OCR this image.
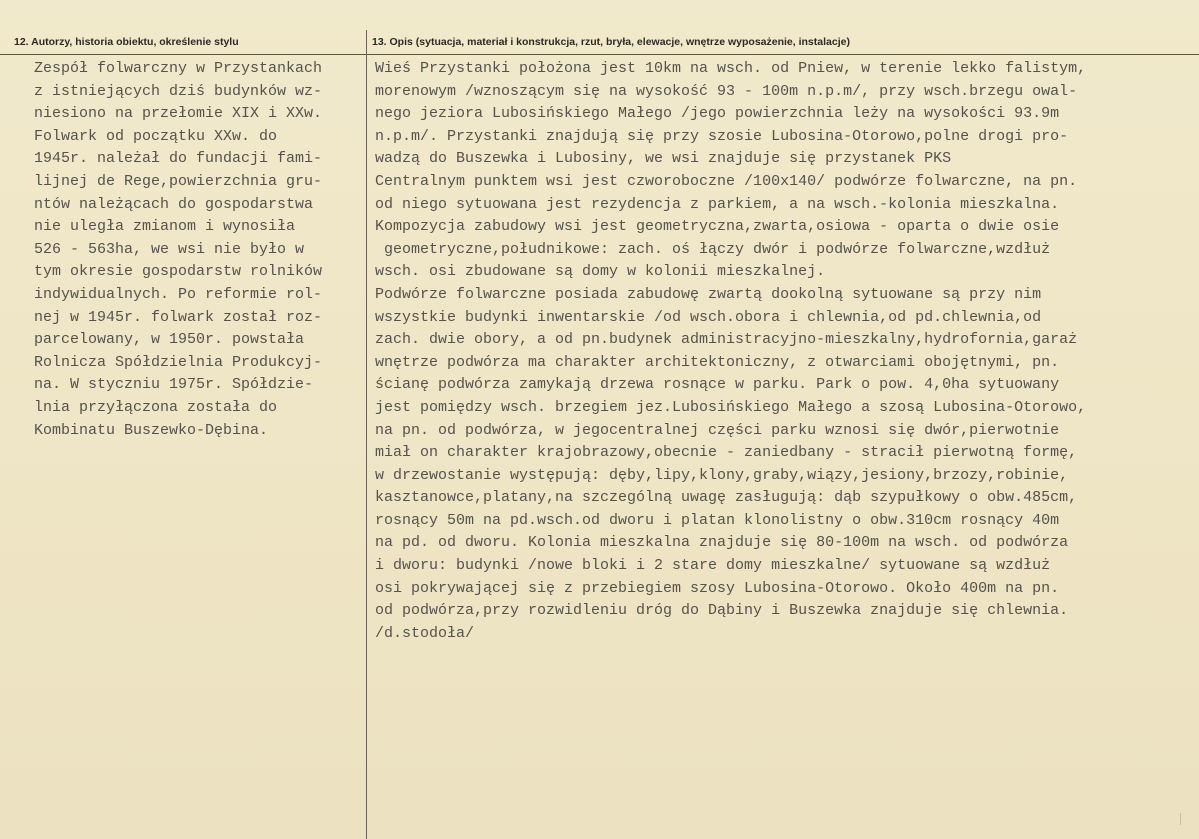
12. Autorzy, historia obiektu, określenie stylu	13. Opis (sytuacja, materiał i konstrukcja, rzut, bryła, elewacje, wnętrze wyposażenie, instalacje)
Zespół folwarczny w Przystankach
z istniejących dziś budynków wz-
niesiono na przełomie XIX i XXw.
Folwark od początku XXw. do
1945r. należał do fundacji fami-
lijnej de Rege,powierzchnia gru-
ntów należącach do gospodarstwa
nie uległa zmianom i wynosiła
526 - 563ha, we wsi nie było w
tym okresie gospodarstw rolników
indywidualnych. Po reformie rol-
nej w 1945r. folwark został roz-
parcelowany, w 1950r. powstała
Rolnicza Spółdzielnia Produkcyj-
na. W styczniu 1975r. Spółdzie-
lnia przyłączona została do
Kombinatu Buszewko-Dębina.
Wieś Przystanki położona jest 10km na wsch. od Pniew, w terenie lekko falistym,
morenowym /wznoszącym się na wysokość 93 - 100m n.p.m/, przy wsch.brzegu owal-
nego jeziora Lubosińskiego Małego /jego powierzchnia leży na wysokości 93.9m
n.p.m/. Przystanki znajdują się przy szosie Lubosina-Otorowo,polne drogi pro-
wadzą do Buszewka i Lubosiny, we wsi znajduje się przystanek PKS
Centralnym punktem wsi jest czworoboczne /100x140/ podwórze folwarczne, na pn.
od niego sytuowana jest rezydencja z parkiem, a na wsch.-kolonia mieszkalna.
Kompozycja zabudowy wsi jest geometryczna,zwarta,osiowa - oparta o dwie osie
geometryczne,południkowe: zach. oś łączy dwór i podwórze folwarczne,wzdłuż
wsch. osi zbudowane są domy w kolonii mieszkalnej.
Podwórze folwarczne posiada zabudowę zwartą dookolną sytuowane są przy nim
wszystkie budynki inwentarskie /od wsch.obora i chlewnia,od pd.chlewnia,od
zach. dwie obory, a od pn.budynek administracyjno-mieszkalny,hydrofornia,garaż
wnętrze podwórza ma charakter architektoniczny, z otwarciami obojętnymi, pn.
ścianę podwórza zamykają drzewa rosnące w parku. Park o pow. 4,0ha sytuowany
jest pomiędzy wsch. brzegiem jez.Lubosińskiego Małego a szosą Lubosina-Otorowo,
na pn. od podwórza, w jegocentralnej części parku wznosi się dwór,pierwotnie
miał on charakter krajobrazowy,obecnie - zaniedbany - stracił pierwotną formę,
w drzewostanie występują: dęby,lipy,klony,graby,wiązy,jesiony,brzozy,robinie,
kasztanowce,platany,na szczególną uwagę zasługują: dąb szypułkowy o obw.485cm,
rosnący 50m na pd.wsch.od dworu i platan klonolistny o obw.310cm rosnący 40m
na pd. od dworu. Kolonia mieszkalna znajduje się 80-100m na wsch. od podwórza
i dworu: budynki /nowe bloki i 2 stare domy mieszkalne/ sytuowane są wzdłuż
osi pokrywającej się z przebiegiem szosy Lubosina-Otorowo. Około 400m na pn.
od podwórza,przy rozwidleniu dróg do Dąbiny i Buszewka znajduje się chlewnia.
/d.stodoła/
